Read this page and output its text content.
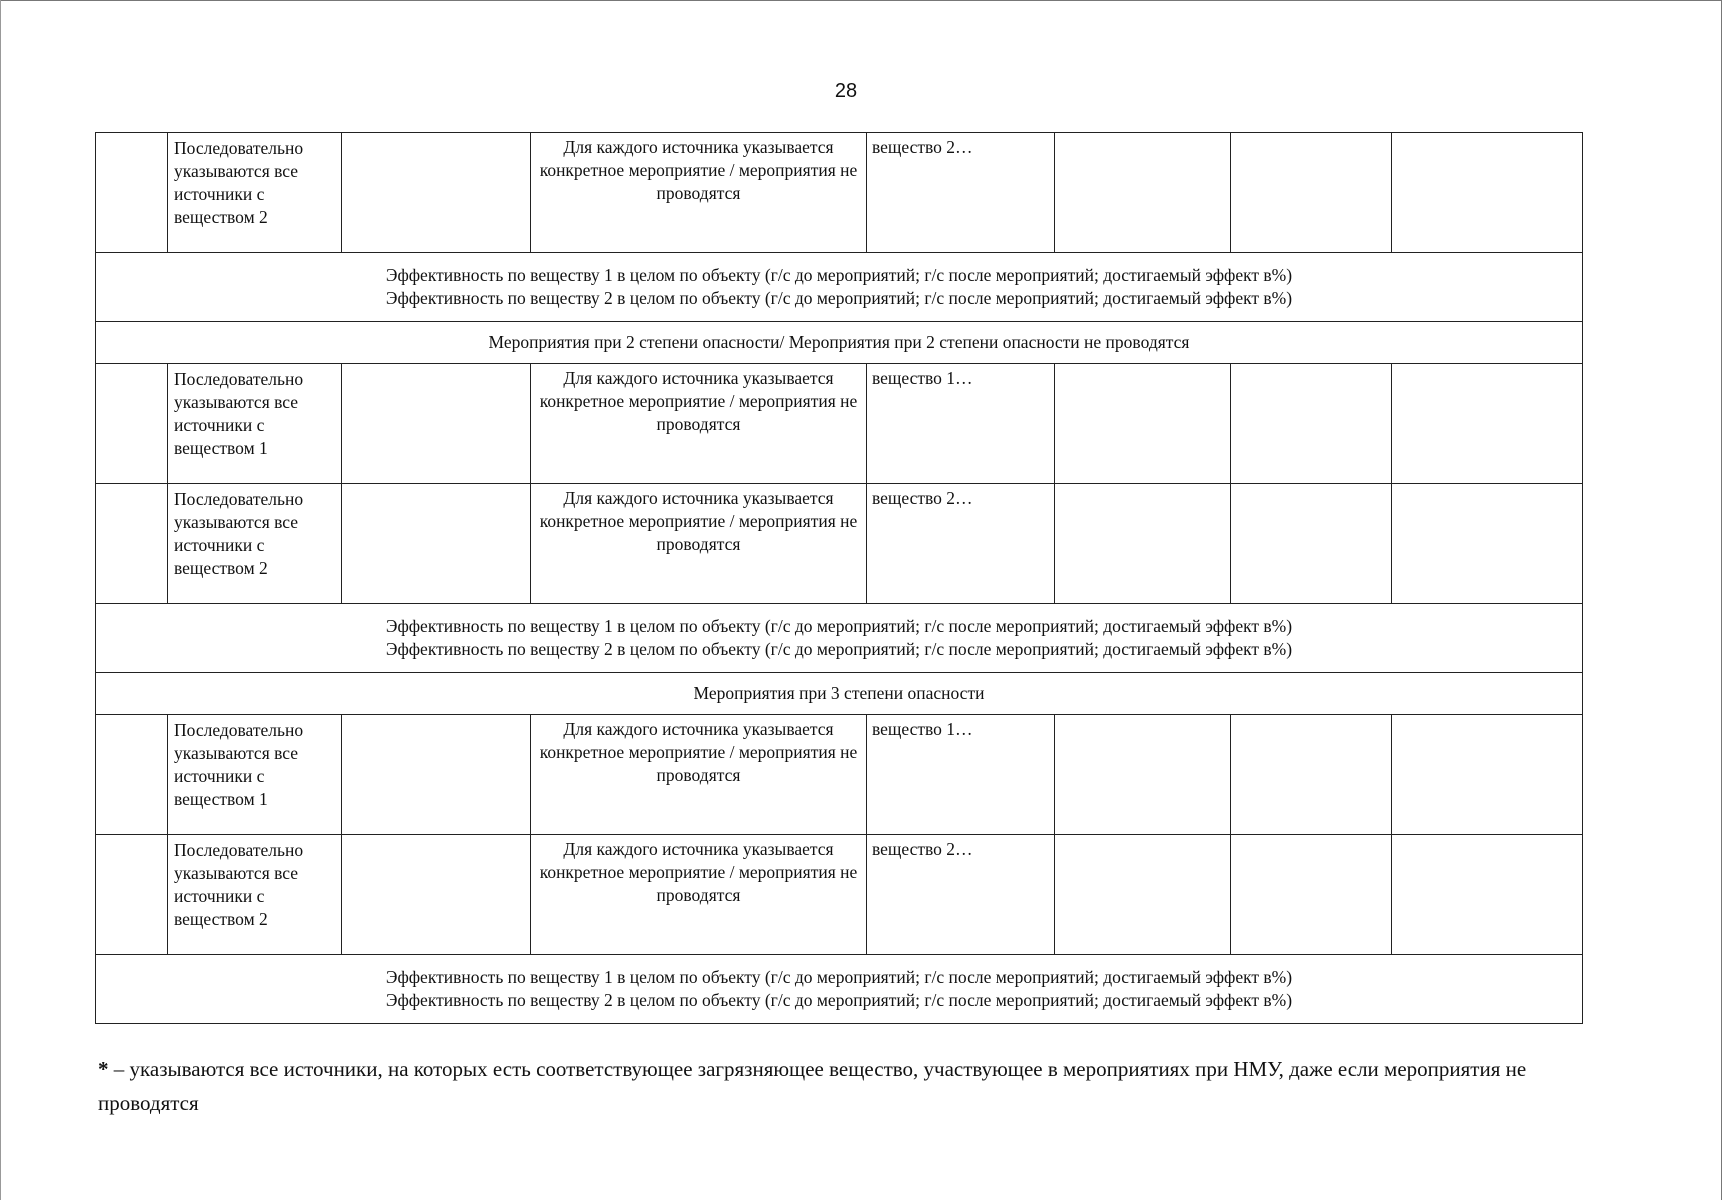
28
	Последовательно указываются все источники с веществом 2		Для каждого источника указывается конкретное мероприятие / мероприятия не проводятся	вещество 2…			

Эффективность по веществу 1 в целом по объекту (г/с до мероприятий; г/с после мероприятий; достигаемый эффект в%)
Эффективность по веществу 2 в целом по объекту (г/с до мероприятий; г/с после мероприятий; достигаемый эффект в%)							

Мероприятия при 2 степени опасности/ Мероприятия при 2 степени опасности не проводятся							
	Последовательно указываются все источники с веществом 1		Для каждого источника указывается конкретное мероприятие / мероприятия не проводятся	вещество 1…			
	Последовательно указываются все источники с веществом 2		Для каждого источника указывается конкретное мероприятие / мероприятия не проводятся	вещество 2…			

Эффективность по веществу 1 в целом по объекту (г/с до мероприятий; г/с после мероприятий; достигаемый эффект в%)
Эффективность по веществу 2 в целом по объекту (г/с до мероприятий; г/с после мероприятий; достигаемый эффект в%)							

Мероприятия при 3 степени опасности							
	Последовательно указываются все источники с веществом 1		Для каждого источника указывается конкретное мероприятие / мероприятия не проводятся	вещество 1…			
	Последовательно указываются все источники с веществом 2		Для каждого источника указывается конкретное мероприятие / мероприятия не проводятся	вещество 2…			

Эффективность по веществу 1 в целом по объекту (г/с до мероприятий; г/с после мероприятий; достигаемый эффект в%)
Эффективность по веществу 2 в целом по объекту (г/с до мероприятий; г/с после мероприятий; достигаемый эффект в%)							
* – указываются все источники, на которых есть соответствующее загрязняющее вещество, участвующее в мероприятиях при НМУ, даже если мероприятия не проводятся
